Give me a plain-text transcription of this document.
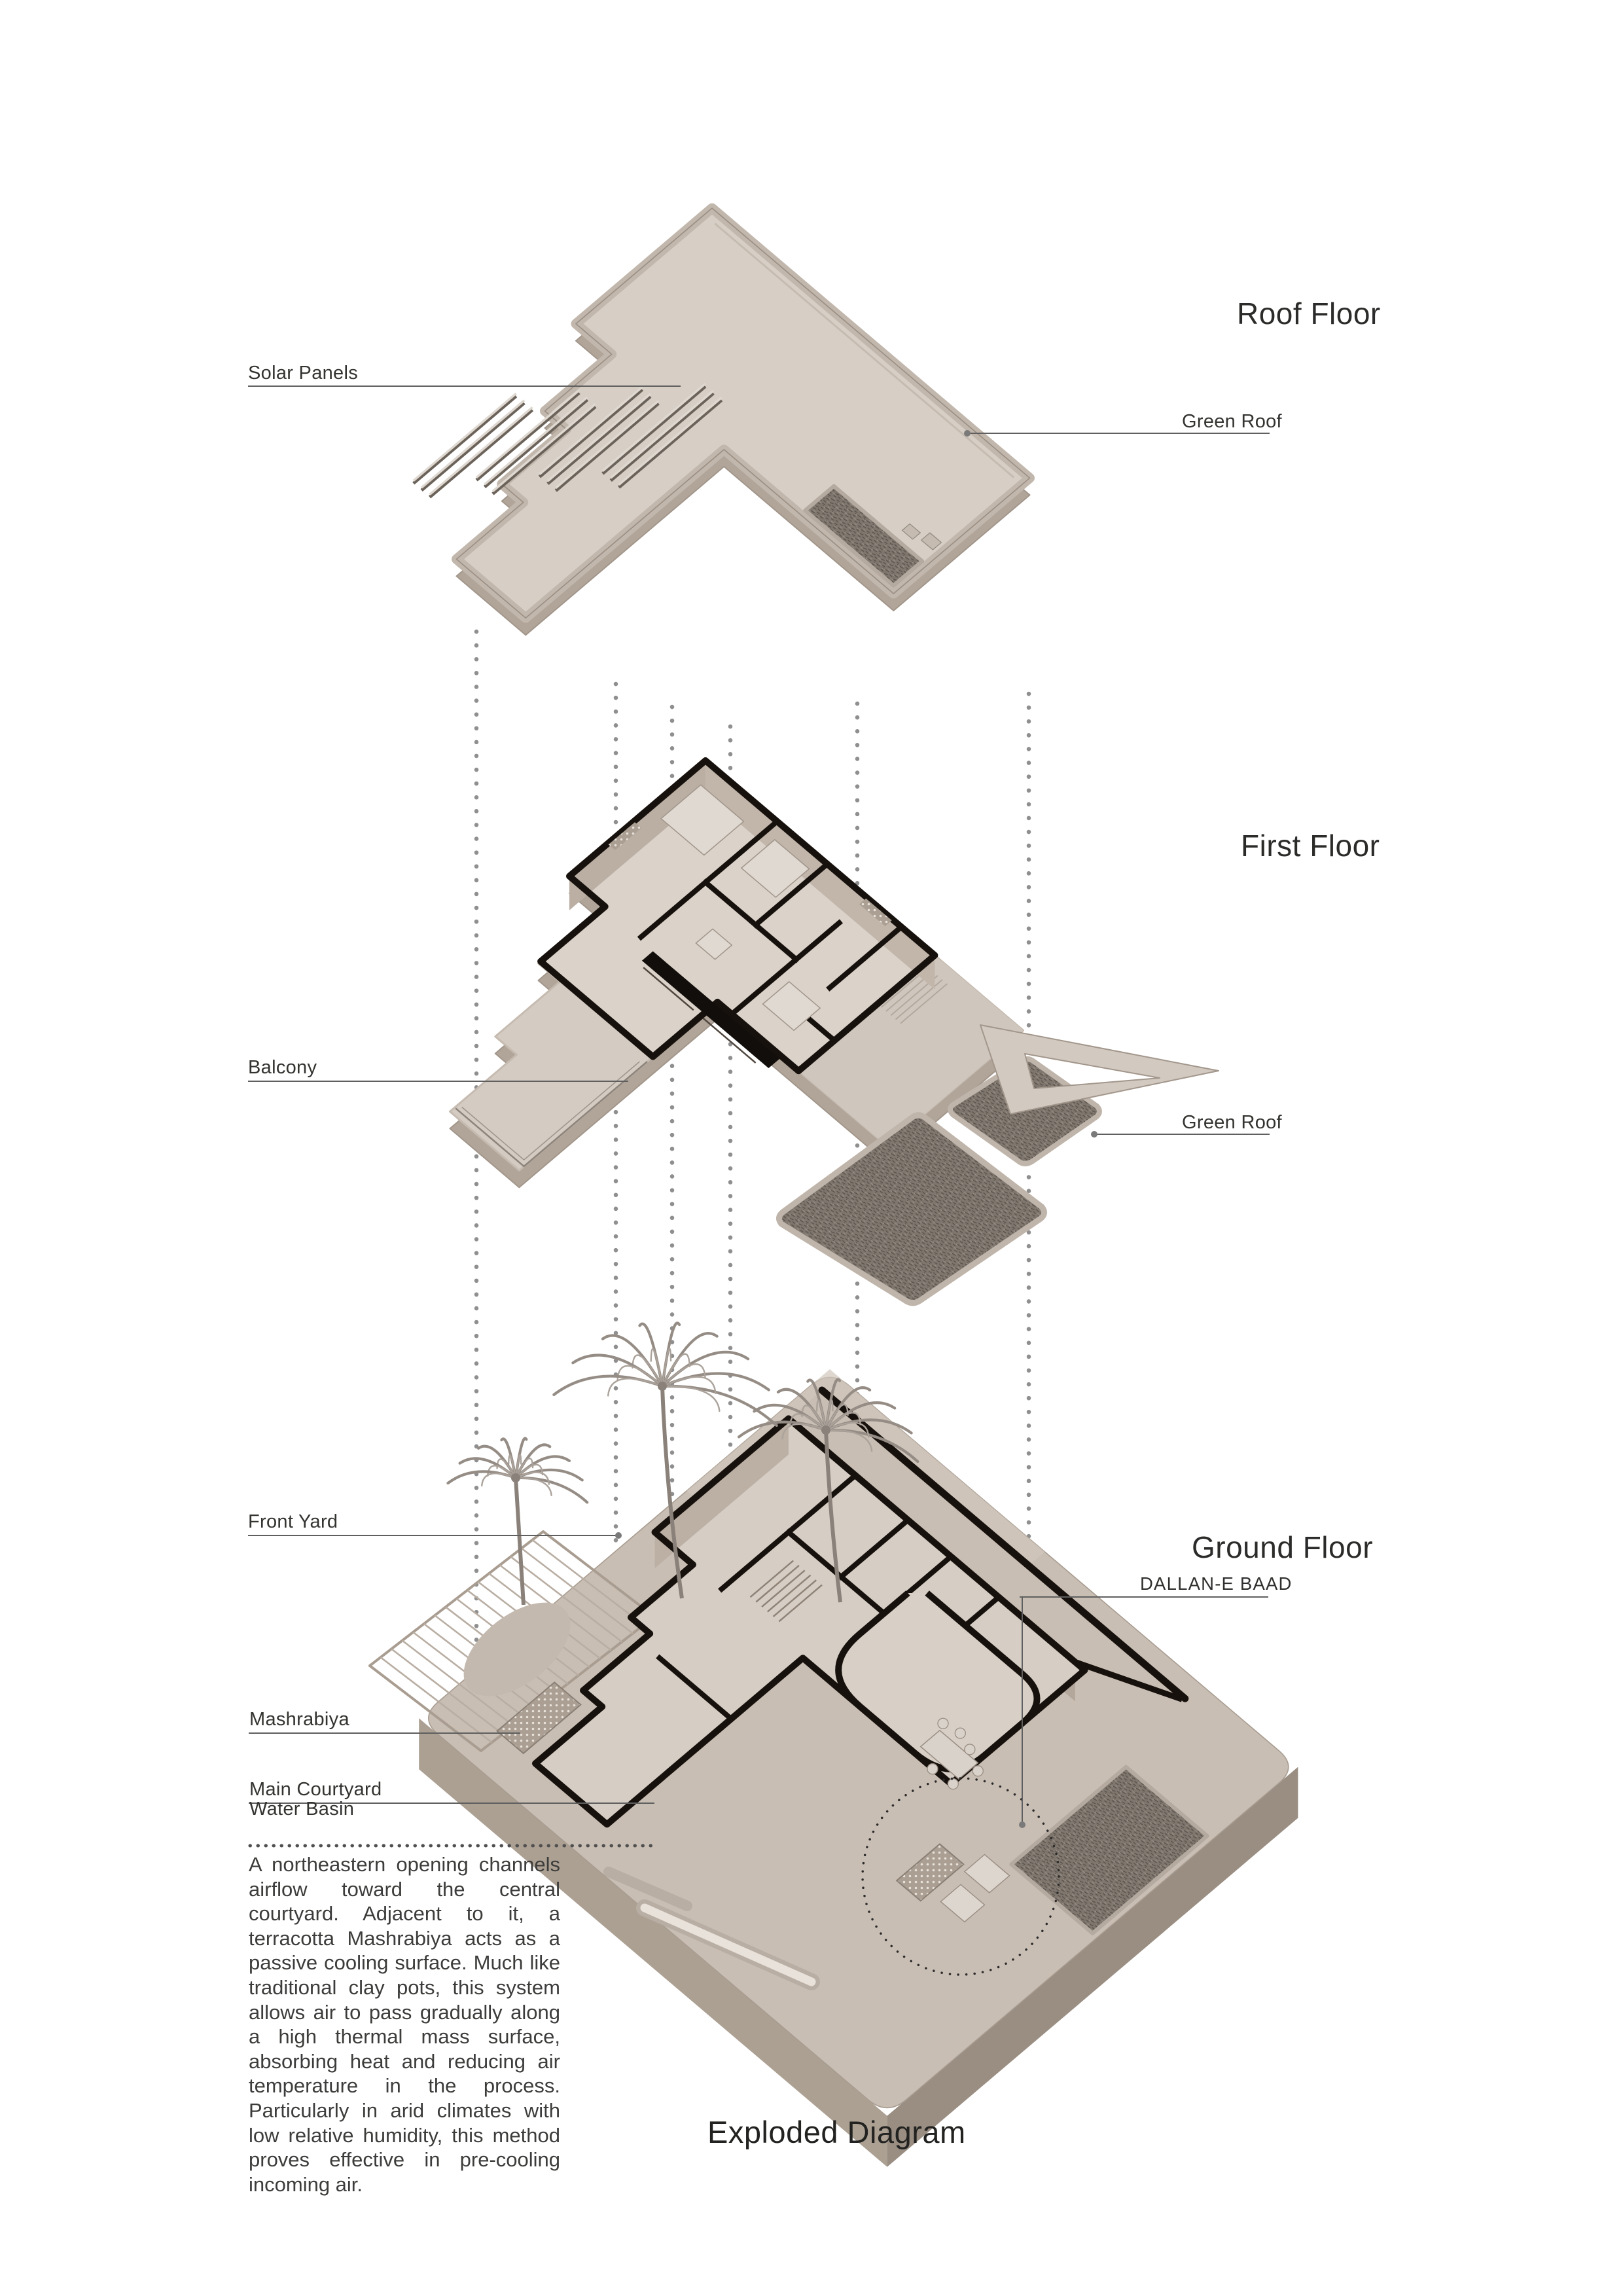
Solar Panels
Green Roof
Balcony
Green Roof
Front Yard
DALLAN-E BAAD
Mashrabiya
Main Courtyard
Water Basin
Roof Floor
First Floor
Ground Floor
A northeastern opening channels airflow toward the central courtyard. Adjacent to it, a terracotta Mashrabiya acts as a passive cooling surface. Much like traditional clay pots, this system allows air to pass gradually along a high thermal mass surface, absorbing heat and reducing air temperature in the process. Particularly in arid climates with low relative humidity, this method proves effective in pre-cooling incoming air.
Exploded Diagram
